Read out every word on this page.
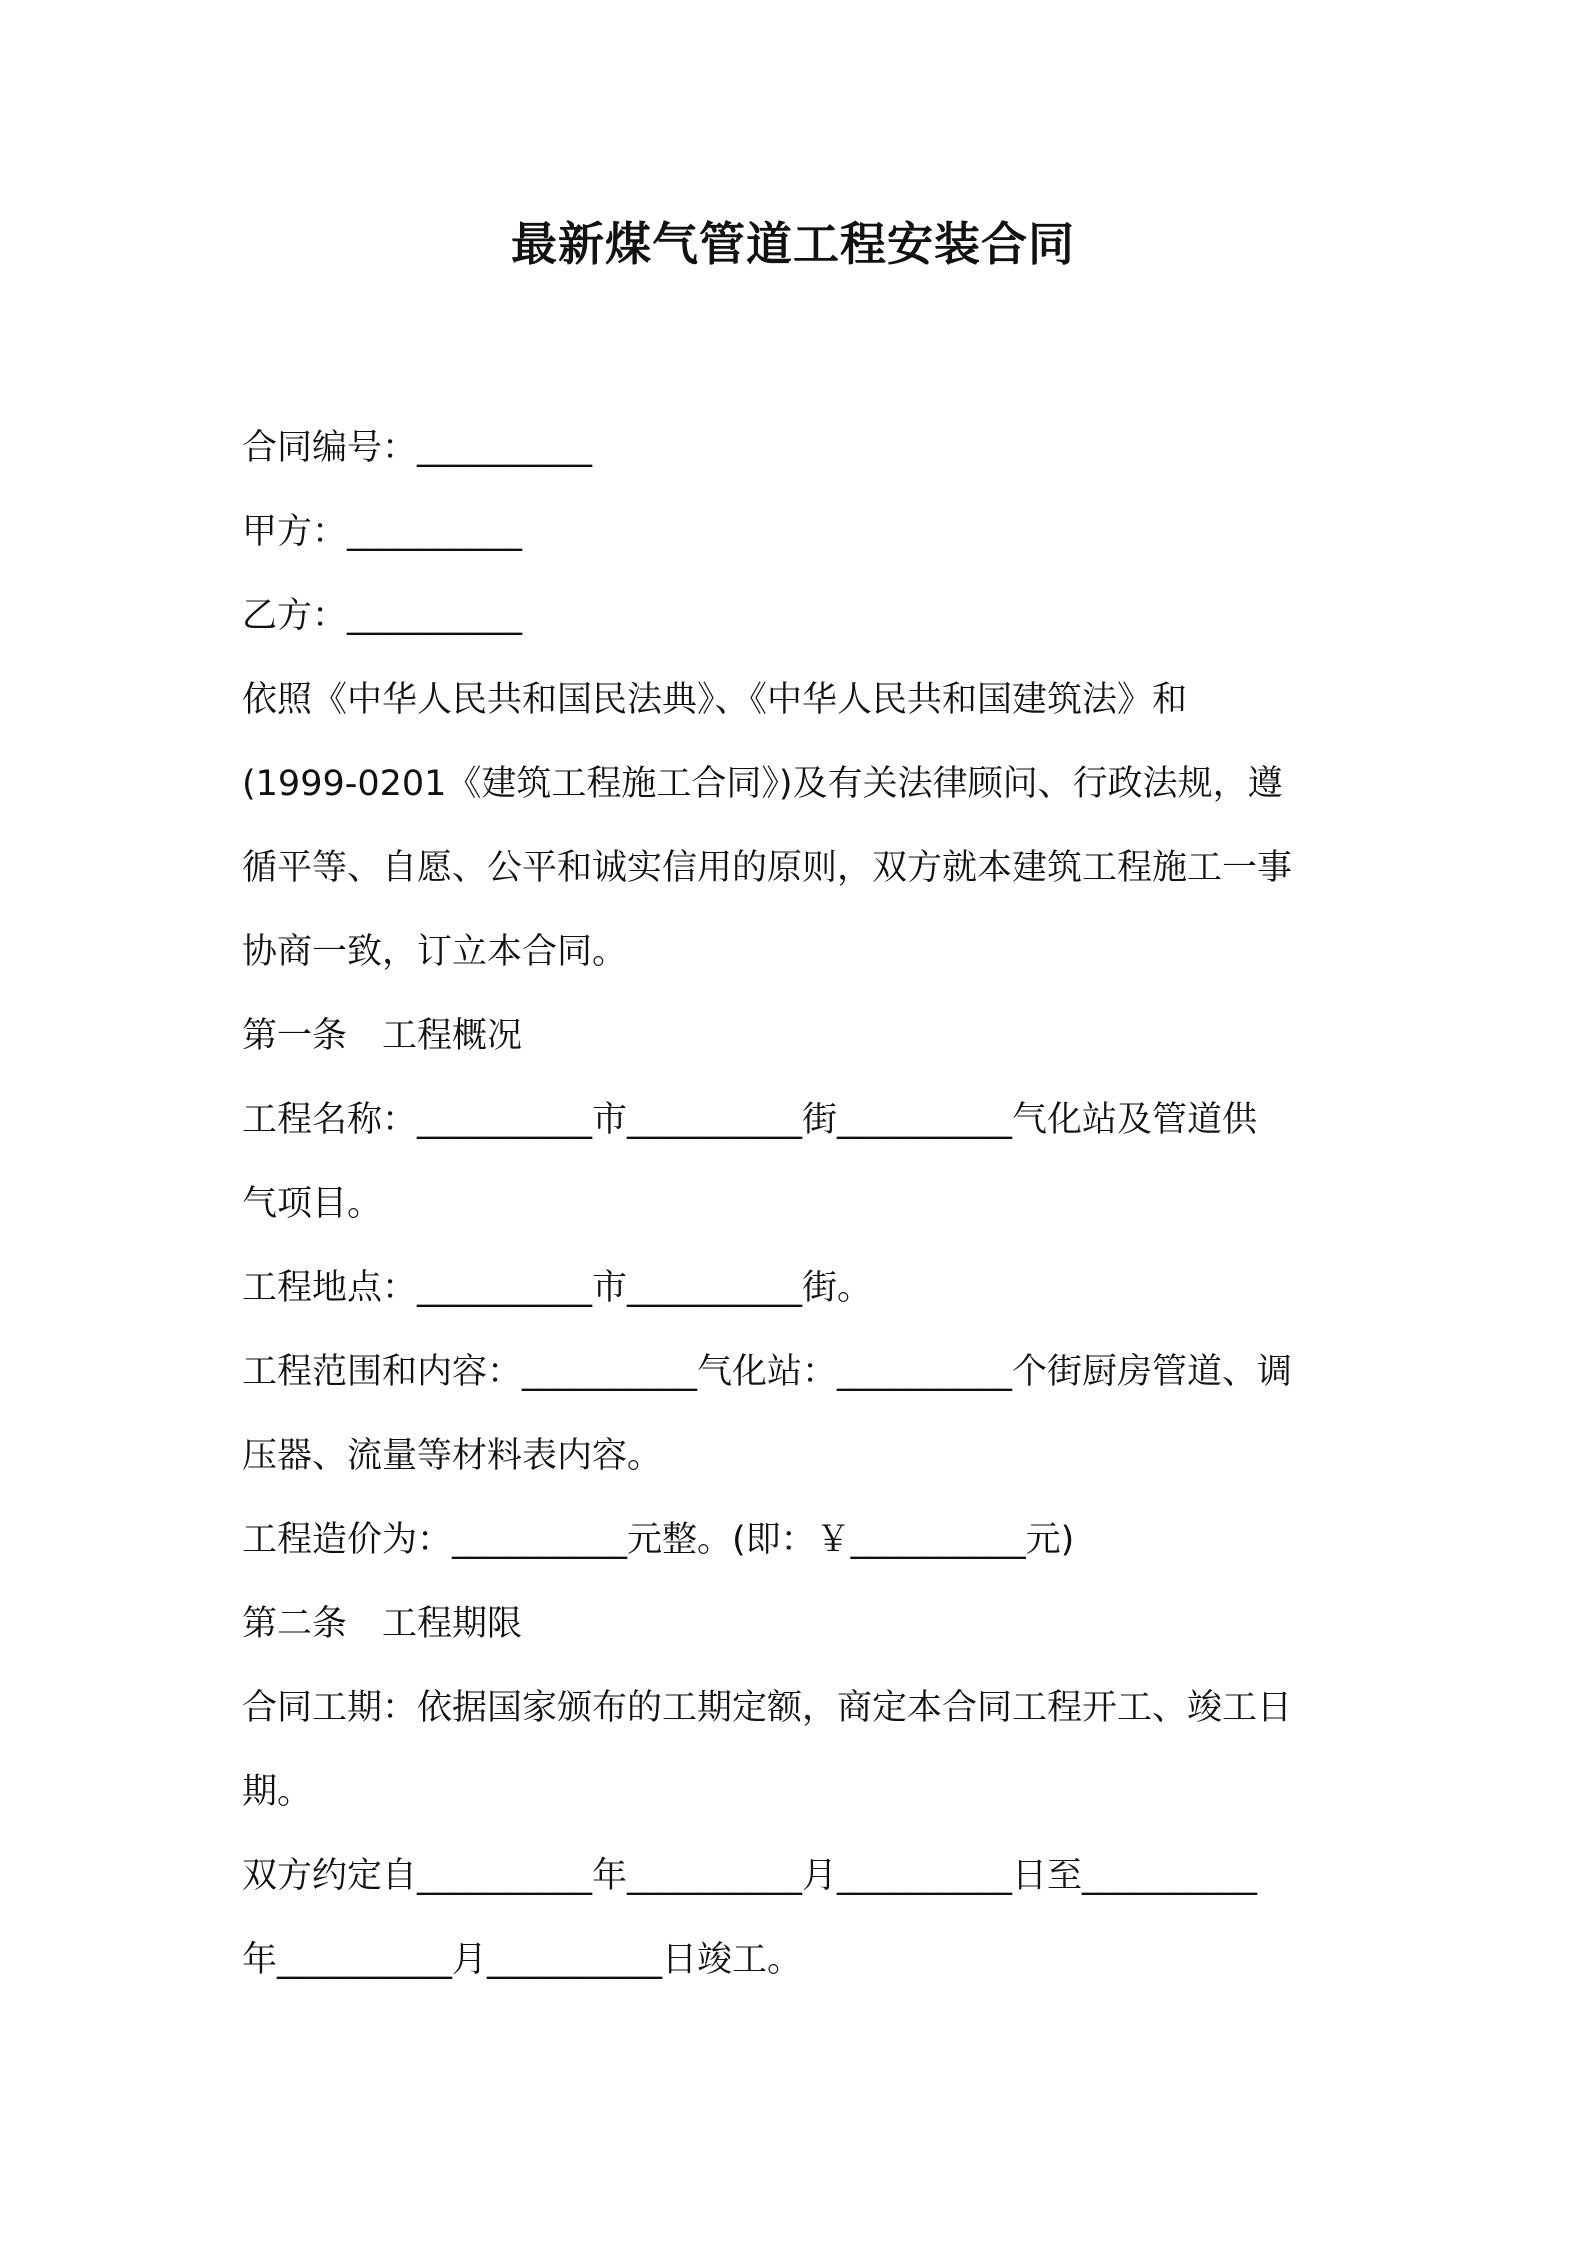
最新煤气管道工程安装合同
合同编号：__________
甲方：__________
乙方：__________
依照《中华人民共和国民法典》、《中华人民共和国建筑法》和
(1999-0201《建筑工程施工合同》)及有关法律顾问、行政法规，遵
循平等、自愿、公平和诚实信用的原则，双方就本建筑工程施工一事
协商一致，订立本合同。
第一条　工程概况
工程名称：__________市__________街__________气化站及管道供
气项目。
工程地点：__________市__________街。
工程范围和内容：__________气化站：__________个街厨房管道、调
压器、流量等材料表内容。
工程造价为：__________元整。(即：￥__________元)
第二条　工程期限
合同工期：依据国家颁布的工期定额，商定本合同工程开工、竣工日
期。
双方约定自__________年__________月__________日至__________
年__________月__________日竣工。
